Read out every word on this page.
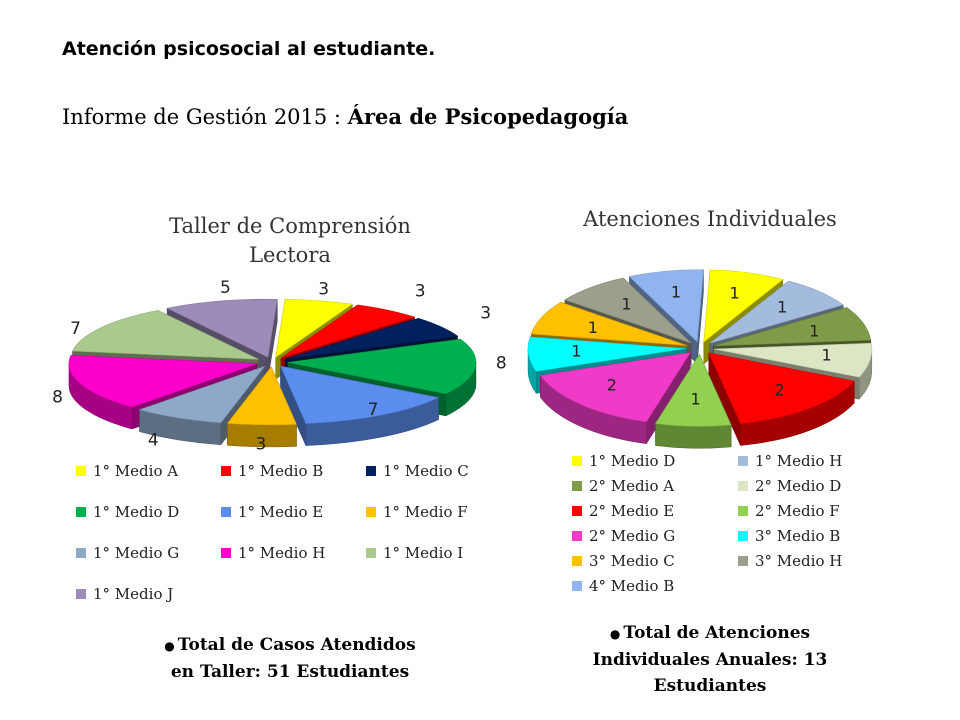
Atención psicosocial al estudiante.
Informe de Gestión 2015 : Área de Psicopedagogía
Taller de Comprensión
Lectora
Atenciones Individuales
3	3
3
8
7
3
4
8
7
5	1
1
1
1
2
1
2
1
1
1
1
1° Medio A	1° Medio B	1° Medio C
1° Medio D	1° Medio E	1° Medio F
1° Medio G	1° Medio H	1° Medio I
1° Medio J
1° Medio D	1° Medio H
2° Medio A	2° Medio D
2° Medio E	2° Medio F
2° Medio G	3° Medio B
3° Medio C	3° Medio H
4° Medio B
● Total de Casos Atendidos
en Taller: 51 Estudiantes
● Total de Atenciones
Individuales Anuales: 13
Estudiantes
